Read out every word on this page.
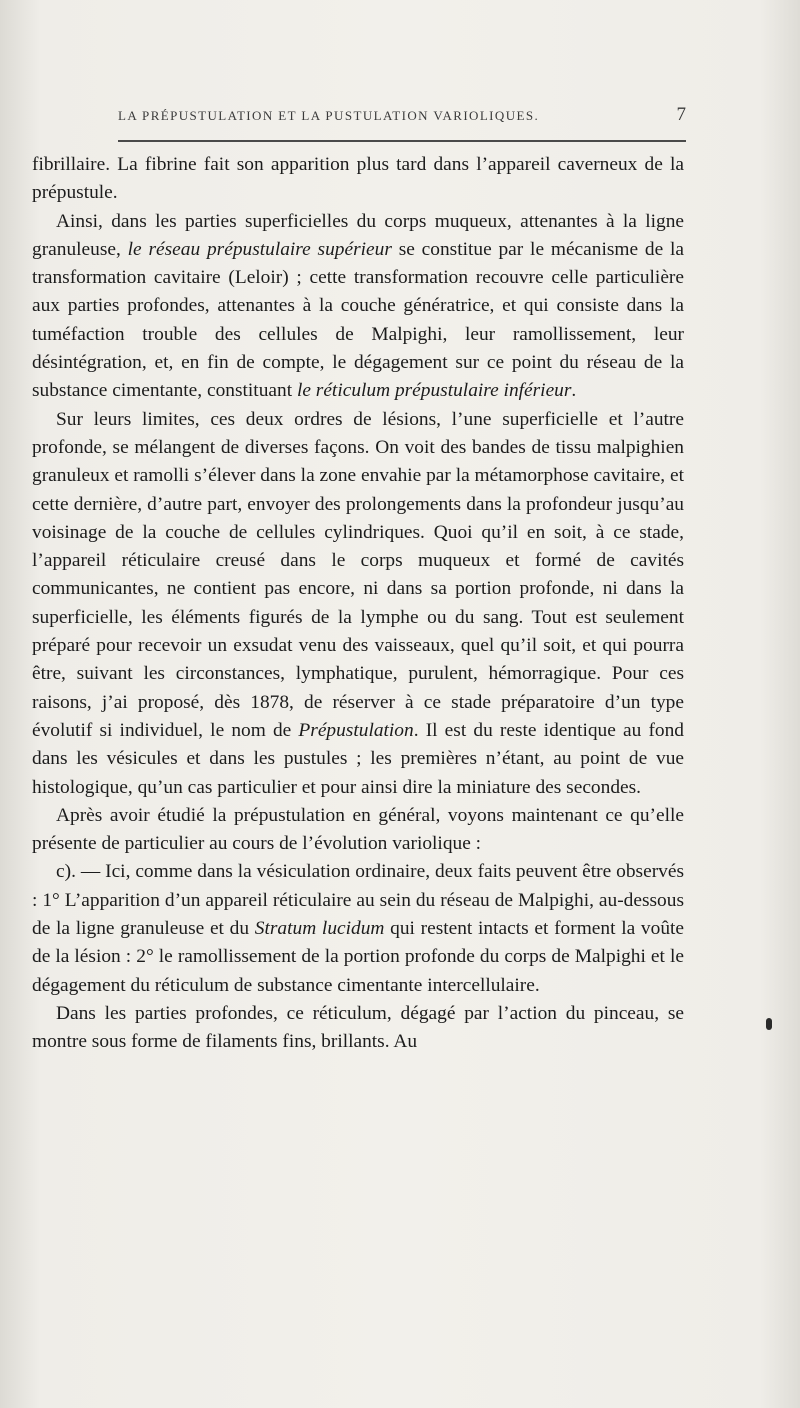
LA PRÉPUSTULATION ET LA PUSTULATION VARIOLIQUES.	7

fibrillaire. La fibrine fait son apparition plus tard dans l’appareil caverneux de la prépustule.

Ainsi, dans les parties superficielles du corps muqueux, attenantes à la ligne granuleuse, le réseau prépustulaire supérieur se constitue par le mécanisme de la transformation cavitaire (Leloir) ; cette transformation recouvre celle particulière aux parties profondes, attenantes à la couche génératrice, et qui consiste dans la tuméfaction trouble des cellules de Malpighi, leur ramollissement, leur désintégration, et, en fin de compte, le dégagement sur ce point du réseau de la substance cimentante, constituant le réticulum prépustulaire inférieur.

Sur leurs limites, ces deux ordres de lésions, l’une superficielle et l’autre profonde, se mélangent de diverses façons. On voit des bandes de tissu malpighien granuleux et ramolli s’élever dans la zone envahie par la métamorphose cavitaire, et cette dernière, d’autre part, envoyer des prolongements dans la profondeur jusqu’au voisinage de la couche de cellules cylindriques. Quoi qu’il en soit, à ce stade, l’appareil réticulaire creusé dans le corps muqueux et formé de cavités communicantes, ne contient pas encore, ni dans sa portion profonde, ni dans la superficielle, les éléments figurés de la lymphe ou du sang. Tout est seulement préparé pour recevoir un exsudat venu des vaisseaux, quel qu’il soit, et qui pourra être, suivant les circonstances, lymphatique, purulent, hémorragique. Pour ces raisons, j’ai proposé, dès 1878, de réserver à ce stade préparatoire d’un type évolutif si individuel, le nom de Prépustulation. Il est du reste identique au fond dans les vésicules et dans les pustules ; les premières n’étant, au point de vue histologique, qu’un cas particulier et pour ainsi dire la miniature des secondes.

Après avoir étudié la prépustulation en général, voyons maintenant ce qu’elle présente de particulier au cours de l’évolution variolique :

c). — Ici, comme dans la vésiculation ordinaire, deux faits peuvent être observés : 1° L’apparition d’un appareil réticulaire au sein du réseau de Malpighi, au-dessous de la ligne granuleuse et du Stratum lucidum qui restent intacts et forment la voûte de la lésion : 2° le ramollissement de la portion profonde du corps de Malpighi et le dégagement du réticulum de substance cimentante intercellulaire.

Dans les parties profondes, ce réticulum, dégagé par l’action du pinceau, se montre sous forme de filaments fins, brillants. Au
